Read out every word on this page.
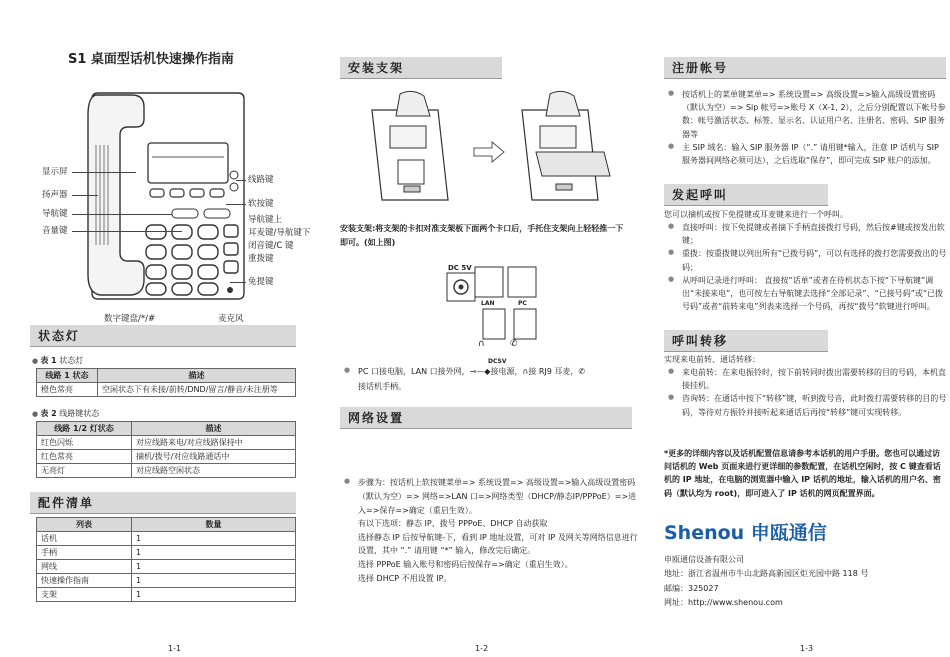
S1 桌面型话机快速操作指南
显示屏
扬声器
导航键
音量键
线路键
软按键
导航键上
耳麦键/导航键下
闭音键/C 键
重拨键
免提键
数字键盘/*/#	麦克风
状态灯
● 表 1 状态灯
线路 1 状态	描述
橙色常亮	空闲状态下有未接/前转/DND/留言/静音/未注册等
● 表 2 线路键状态
线路 1/2 灯状态	描述
红色闪烁	对应线路来电/对应线路保持中
红色常亮	摘机/拨号/对应线路通话中
无亮灯	对应线路空闲状态
配件清单
列表	数量
话机	1
手柄	1
网线	1
快速操作指南	1
支架	1
1-1
安装支架
安装支架:将支架的卡扣对准支架板下面两个卡口后，手托住支架向上轻轻推一下即可。(如上图)
DC 5V
LAN	PC
∩	✆
DCSV
● PC 口接电脑，LAN 口接外网，⊸—◆接电源，∩接 RJ9 耳麦，✆
接话机手柄。
网络设置
● 步骤为：按话机上软按键菜单=> 系统设置=> 高级设置=>输入高级设置密码（默认为空）=> 网络=>LAN 口=>网络类型（DHCP/静态IP/PPPoE）=>进入=>保存=>确定（重启生效）。
有以下选项：静态 IP、拨号 PPPoE、DHCP 自动获取
选择静态 IP 后按导航键-下，看到 IP 地址设置，可对 IP 及网关等网络信息进行设置，其中 “.” 请用键 “*” 输入，修改完后确定。
选择 PPPoE 输入账号和密码后按保存=>确定（重启生效）。
选择 DHCP 不用设置 IP。
1-2
注册帐号
● 按话机上的菜单键菜单=> 系统设置=> 高级设置=>输入高级设置密码（默认为空）=> Sip 帐号=>账号 X（X-1, 2），之后分别配置以下帐号参数：帐号激活状态、标签、显示名、认证用户名、注册名、密码、SIP 服务器等
● 主 SIP 域名：输入 SIP 服务器 IP（“.” 请用键*输入，注意 IP 话机与 SIP 服务器间网络必须可达），之后选取“保存”，即可完成 SIP 账户的添加。
发起呼叫
您可以摘机或按下免提键或耳麦键来进行一个呼叫。
● 直接呼叫：按下免提键或者摘下手柄直接拨打号码，然后按#键或按发出软键；
● 重拨：按重拨键以列出所有“已拨号码”，可以有选择的拨打您需要拨出的号码；
● 从呼叫记录进行呼叫： 直接按“话单”或者在待机状态下按“下导航键”调出“未接来电”，也可按左右导航键去选择“全部记录”、“已接号码”或“已拨号码”或者“前转来电”列表来选择一个号码，再按“拨号”软键进行呼叫。
呼叫转移
实现来电前转、通话转移：
● 来电前转：在来电振铃时，按下前转同时拨出需要转移的目的号码，本机直接挂机。
● 咨询转：在通话中按下“转移”键，听到拨号音，此时拨打需要转移的目的号码，等待对方振铃并接听起来通话后再按“转移”键可实现转移。
*更多的详细内容以及话机配置信息请参考本话机的用户手册。您也可以通过访问话机的 Web 页面来进行更详细的参数配置，在话机空闲时，按 C 键查看话机的 IP 地址，在电脑的浏览器中输入 IP 话机的地址，输入话机的用户名、密码（默认均为 root)，即可进入了 IP 话机的网页配置界面。
Shenou 申瓯通信
申瓯通信设备有限公司
地址：浙江省温州市牛山北路高新园区炬光园中路 118 号
邮编：325027
网址：http://www.shenou.com
1-3
